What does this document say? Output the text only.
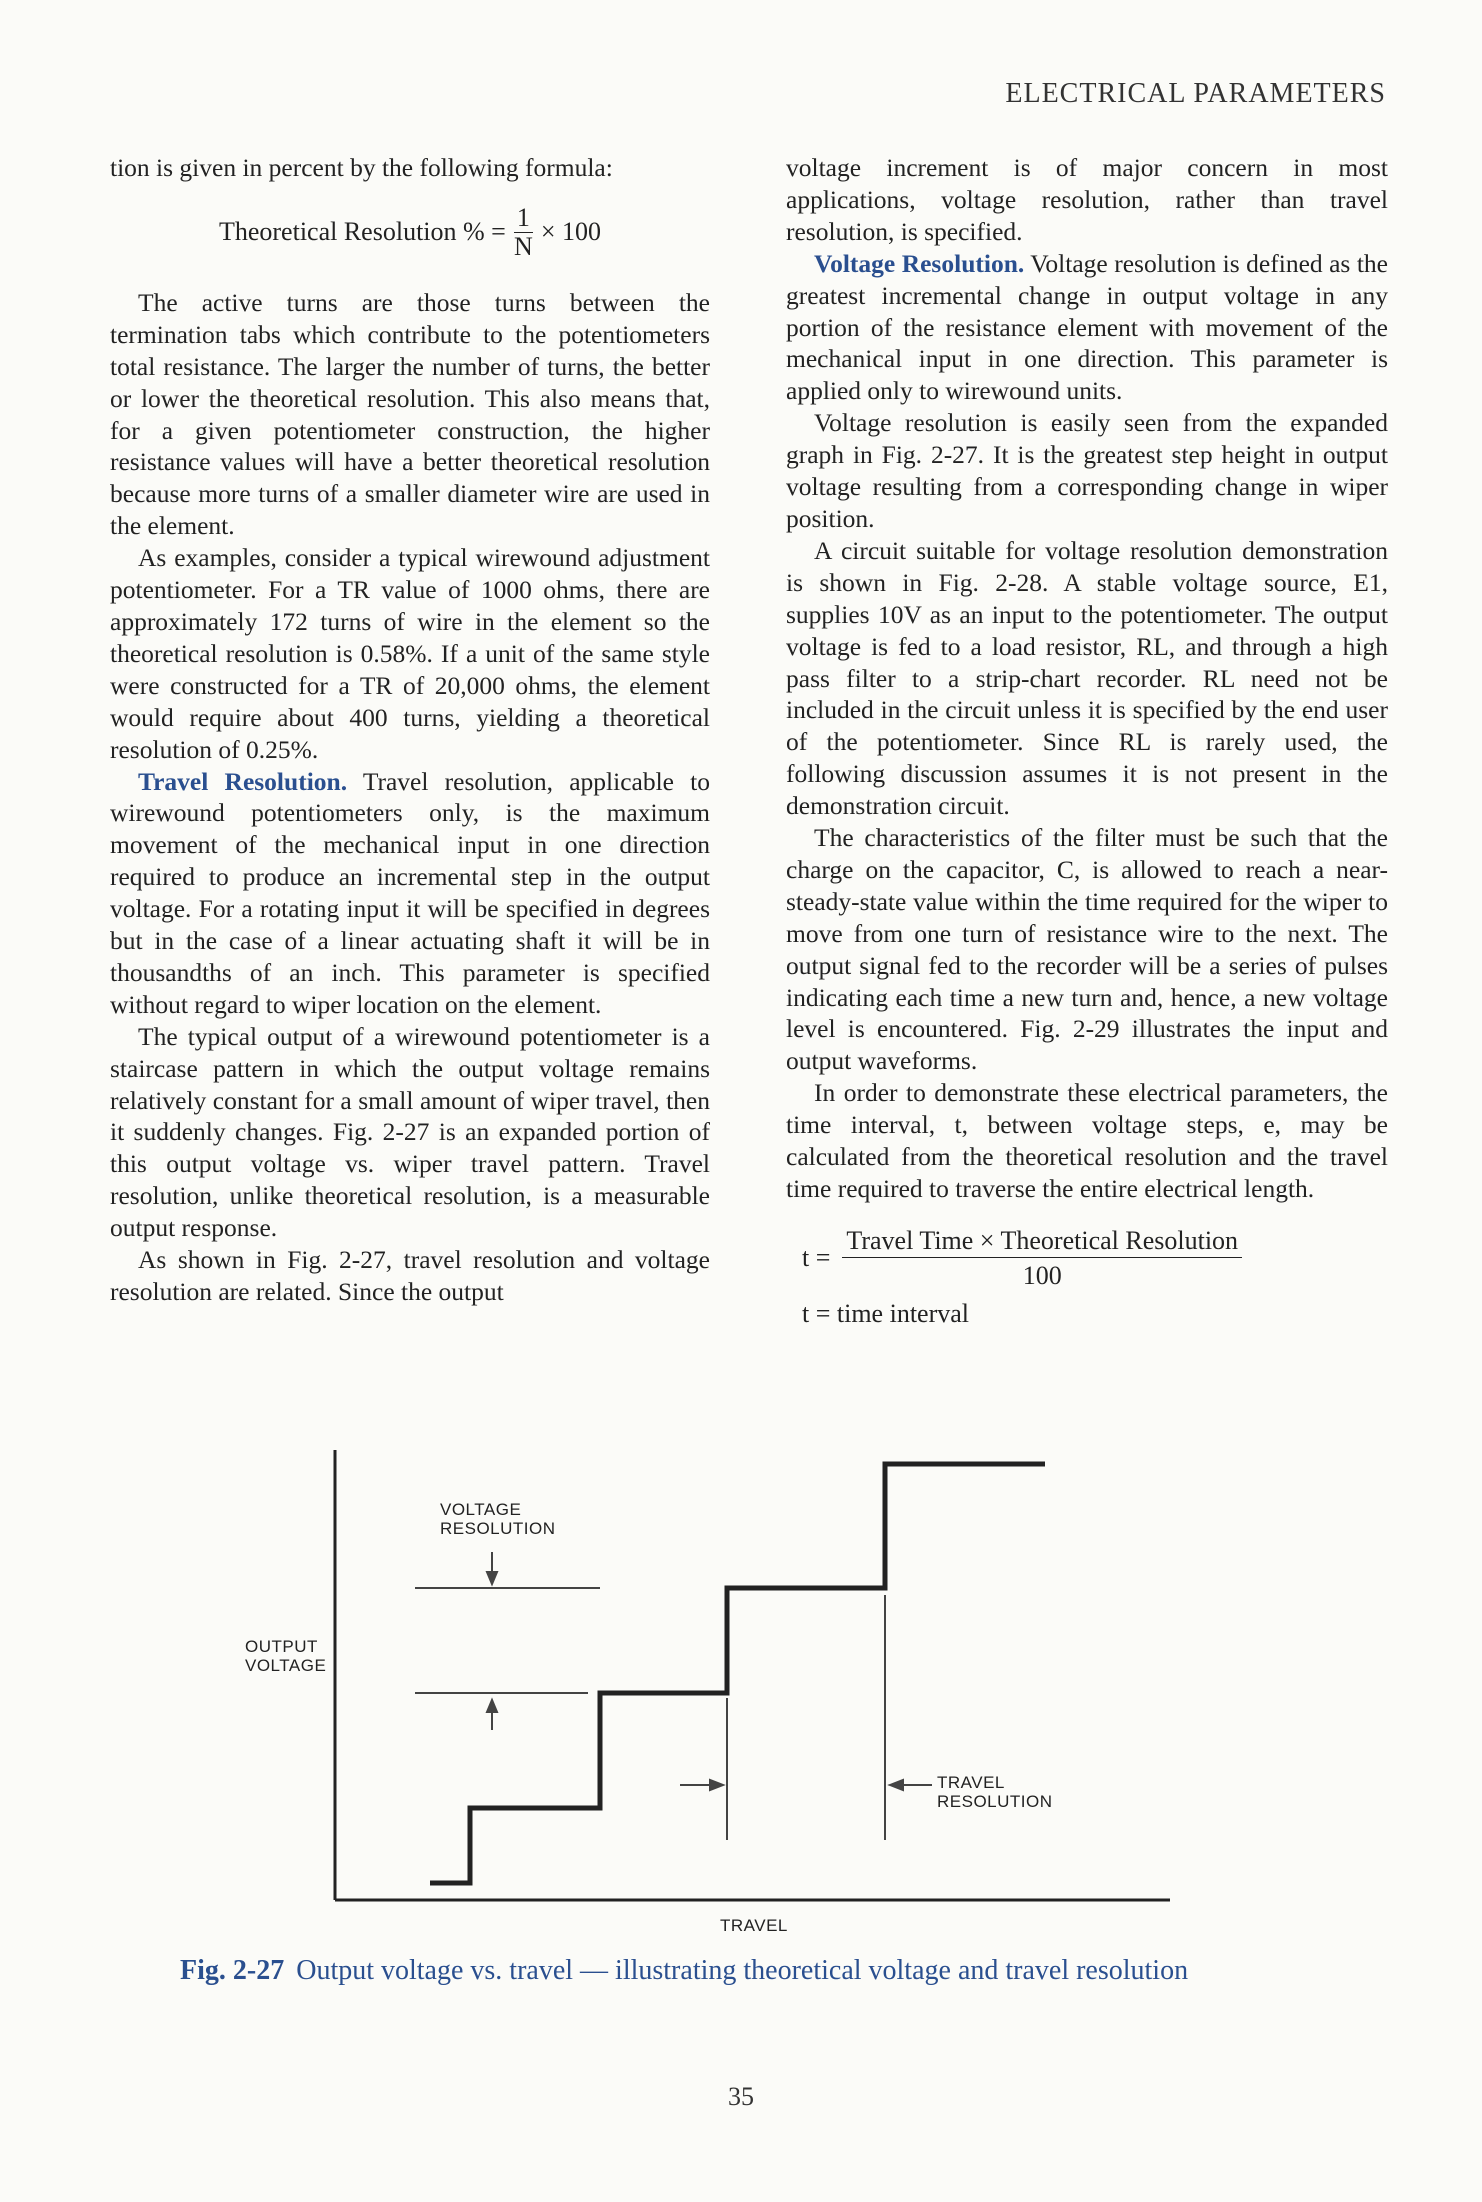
ELECTRICAL PARAMETERS

tion is given in percent by the following formula:

Theoretical Resolution % = $\frac{1}{N} \times 100$

The active turns are those turns between the termination tabs which contribute to the potentiometers total resistance. The larger the number of turns, the better or lower the theoretical resolution. This also means that, for a given potentiometer construction, the higher resistance values will have a better theoretical resolution because more turns of a smaller diameter wire are used in the element.

As examples, consider a typical wirewound adjustment potentiometer. For a TR value of 1000 ohms, there are approximately 172 turns of wire in the element so the theoretical resolution is 0.58%. If a unit of the same style were constructed for a TR of 20,000 ohms, the element would require about 400 turns, yielding a theoretical resolution of 0.25%.

Travel Resolution. Travel resolution, applicable to wirewound potentiometers only, is the maximum movement of the mechanical input in one direction required to produce an incremental step in the output voltage. For a rotating input it will be specified in degrees but in the case of a linear actuating shaft it will be in thousandths of an inch. This parameter is specified without regard to wiper location on the element.

The typical output of a wirewound potentiometer is a staircase pattern in which the output voltage remains relatively constant for a small amount of wiper travel, then it suddenly changes. Fig. 2-27 is an expanded portion of this output voltage vs. wiper travel pattern. Travel resolution, unlike theoretical resolution, is a measurable output response.

As shown in Fig. 2-27, travel resolution and voltage resolution are related. Since the output

voltage increment is of major concern in most applications, voltage resolution, rather than travel resolution, is specified.

Voltage Resolution. Voltage resolution is defined as the greatest incremental change in output voltage in any portion of the resistance element with movement of the mechanical input in one direction. This parameter is applied only to wirewound units.

Voltage resolution is easily seen from the expanded graph in Fig. 2-27. It is the greatest step height in output voltage resulting from a corresponding change in wiper position.

A circuit suitable for voltage resolution demonstration is shown in Fig. 2-28. A stable voltage source, E1, supplies 10V as an input to the potentiometer. The output voltage is fed to a load resistor, RL, and through a high pass filter to a strip-chart recorder. RL need not be included in the circuit unless it is specified by the end user of the potentiometer. Since RL is rarely used, the following discussion assumes it is not present in the demonstration circuit.

The characteristics of the filter must be such that the charge on the capacitor, C, is allowed to reach a near-steady-state value within the time required for the wiper to move from one turn of resistance wire to the next. The output signal fed to the recorder will be a series of pulses indicating each time a new turn and, hence, a new voltage level is encountered. Fig. 2-29 illustrates the input and output waveforms.

In order to demonstrate these electrical parameters, the time interval, t, between voltage steps, e, may be calculated from the theoretical resolution and the travel time required to traverse the entire electrical length.

$t = \frac{\text{Travel Time × Theoretical Resolution}}{100}$
t = time interval
VOLTAGE
RESOLUTION
OUTPUT
VOLTAGE
TRAVEL
RESOLUTION
TRAVEL
Fig. 2-27 Output voltage vs. travel — illustrating theoretical voltage and travel resolution
35
